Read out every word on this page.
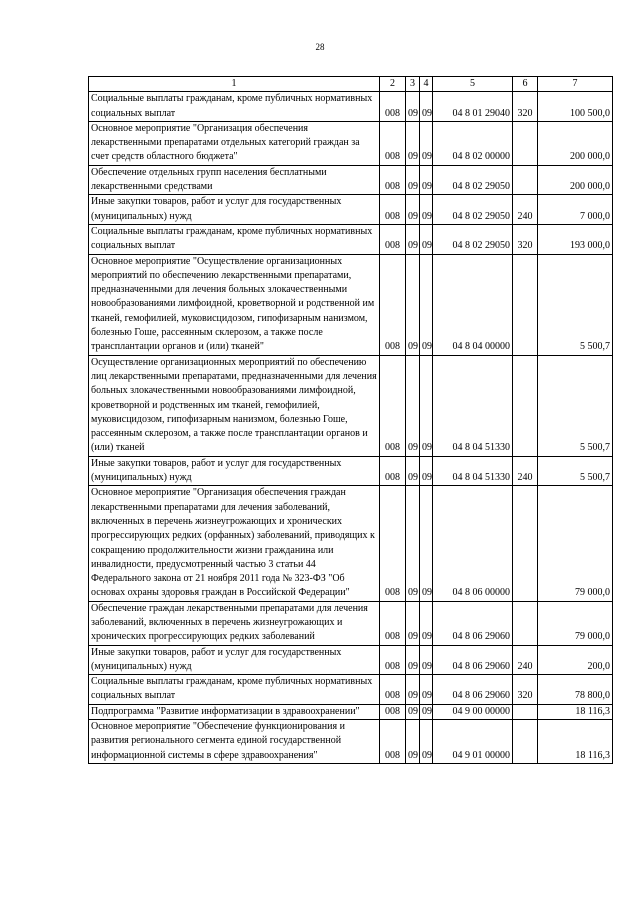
28
1	2	3	4	5	6	7
Социальные выплаты гражданам, кроме публичных нормативных социальных выплат	008	09	09	04 8 01 29040	320	100 500,0
Основное мероприятие "Организация обеспечения лекарственными препаратами отдельных категорий граждан за счет средств областного бюджета"	008	09	09	04 8 02 00000		200 000,0
Обеспечение отдельных групп населения бесплатными лекарственными средствами	008	09	09	04 8 02 29050		200 000,0
Иные закупки товаров, работ и услуг для государственных (муниципальных) нужд	008	09	09	04 8 02 29050	240	7 000,0
Социальные выплаты гражданам, кроме публичных нормативных социальных выплат	008	09	09	04 8 02 29050	320	193 000,0
Основное мероприятие "Осуществление организационных мероприятий по обеспечению лекарственными препаратами, предназначенными для лечения больных злокачественными новообразованиями лимфоидной, кроветворной и родственной им тканей, гемофилией, муковисцидозом, гипофизарным нанизмом, болезнью Гоше, рассеянным склерозом, а также после трансплантации органов и (или) тканей"	008	09	09	04 8 04 00000		5 500,7
Осуществление организационных мероприятий по обеспечению лиц лекарственными препаратами, предназначенными для лечения больных злокачественными новообразованиями лимфоидной, кроветворной и родственных им тканей, гемофилией, муковисцидозом, гипофизарным нанизмом, болезнью Гоше, рассеянным склерозом, а также после трансплантации органов и (или) тканей	008	09	09	04 8 04 51330		5 500,7
Иные закупки товаров, работ и услуг для государственных (муниципальных) нужд	008	09	09	04 8 04 51330	240	5 500,7
Основное мероприятие "Организация обеспечения граждан лекарственными препаратами для лечения заболеваний, включенных в перечень жизнеугрожающих и хронических прогрессирующих редких (орфанных) заболеваний, приводящих к сокращению продолжительности жизни гражданина или инвалидности, предусмотренный частью 3 статьи 44 Федерального закона от 21 ноября 2011 года № 323-ФЗ "Об основах охраны здоровья граждан в Российской Федерации"	008	09	09	04 8 06 00000		79 000,0
Обеспечение граждан лекарственными препаратами для лечения заболеваний, включенных в перечень жизнеугрожающих и хронических прогрессирующих редких заболеваний	008	09	09	04 8 06 29060		79 000,0
Иные закупки товаров, работ и услуг для государственных (муниципальных) нужд	008	09	09	04 8 06 29060	240	200,0
Социальные выплаты гражданам, кроме публичных нормативных социальных выплат	008	09	09	04 8 06 29060	320	78 800,0
Подпрограмма "Развитие информатизации в здравоохранении"	008	09	09	04 9 00 00000		18 116,3
Основное мероприятие "Обеспечение функционирования и развития регионального сегмента единой государственной информационной системы в сфере здравоохранения"	008	09	09	04 9 01 00000		18 116,3
